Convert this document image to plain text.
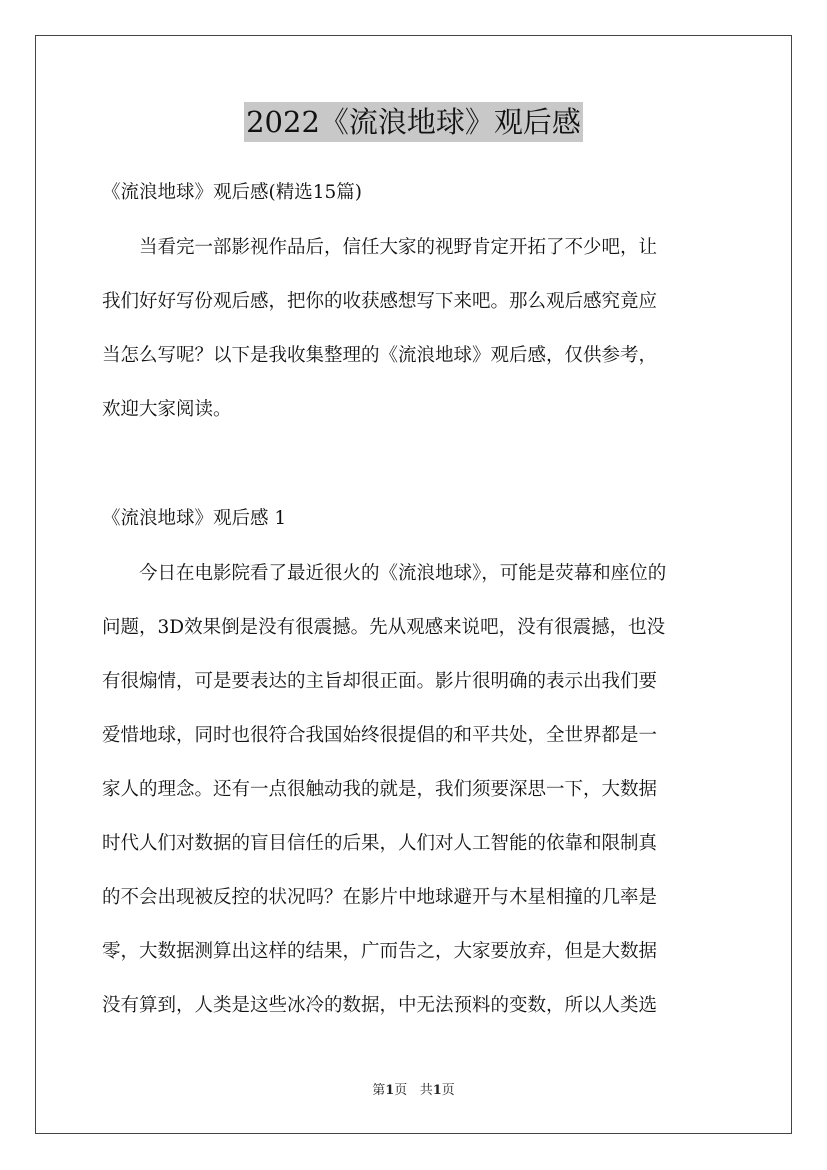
2022《流浪地球》观后感
《流浪地球》观后感(精选15篇)
　　当看完一部影视作品后，信任大家的视野肯定开拓了不少吧，让
我们好好写份观后感，把你的收获感想写下来吧。那么观后感究竟应
当怎么写呢？以下是我收集整理的《流浪地球》观后感，仅供参考，
欢迎大家阅读。
《流浪地球》观后感 1
　　今日在电影院看了最近很火的《流浪地球》，可能是荧幕和座位的
问题，3D效果倒是没有很震撼。先从观感来说吧，没有很震撼，也没
有很煽情，可是要表达的主旨却很正面。影片很明确的表示出我们要
爱惜地球，同时也很符合我国始终很提倡的和平共处，全世界都是一
家人的理念。还有一点很触动我的就是，我们须要深思一下，大数据
时代人们对数据的盲目信任的后果，人们对人工智能的依靠和限制真
的不会出现被反控的状况吗？在影片中地球避开与木星相撞的几率是
零，大数据测算出这样的结果，广而告之，大家要放弃，但是大数据
没有算到，人类是这些冰冷的数据，中无法预料的变数，所以人类选
第1页 共1页
